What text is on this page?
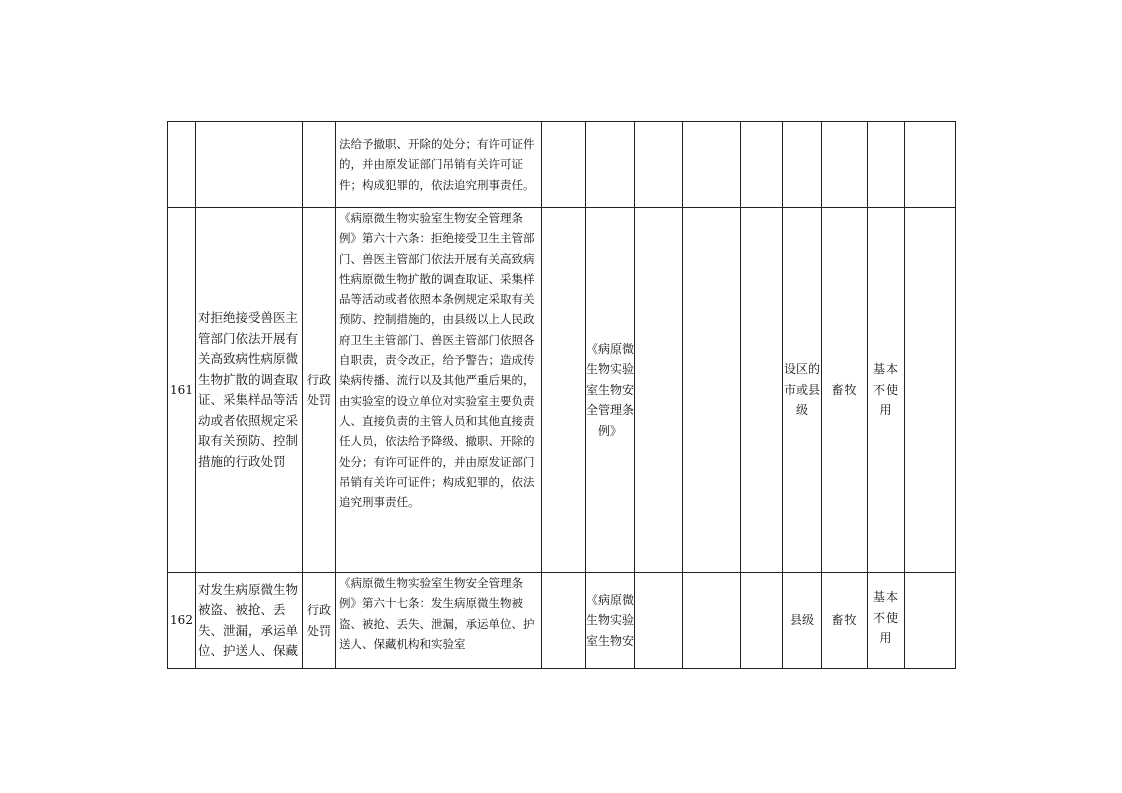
			法给予撤职、开除的处分；有许可证件的，并由原发证部门吊销有关许可证件；构成犯罪的，依法追究刑事责任。									
161	对拒绝接受兽医主管部门依法开展有关高致病性病原微生物扩散的调查取证、采集样品等活动或者依照规定采取有关预防、控制措施的行政处罚	行政处罚	《病原微生物实验室生物安全管理条例》第六十六条：拒绝接受卫生主管部门、兽医主管部门依法开展有关高致病性病原微生物扩散的调查取证、采集样品等活动或者依照本条例规定采取有关预防、控制措施的，由县级以上人民政府卫生主管部门、兽医主管部门依照各自职责，责令改正，给予警告；造成传染病传播、流行以及其他严重后果的，由实验室的设立单位对实验室主要负责人、直接负责的主管人员和其他直接责任人员，依法给予降级、撤职、开除的处分；有许可证件的，并由原发证部门吊销有关许可证件；构成犯罪的，依法追究刑事责任。		《病原微生物实验室生物安全管理条例》				设区的市或县级	畜牧	基本不使用	
162	对发生病原微生物被盗、被抢、丢失、泄漏，承运单位、护送人、保藏	行政处罚	《病原微生物实验室生物安全管理条例》第六十七条：发生病原微生物被盗、被抢、丢失、泄漏，承运单位、护送人、保藏机构和实验室		《病原微生物实验室生物安				县级	畜牧	基本不使用	
